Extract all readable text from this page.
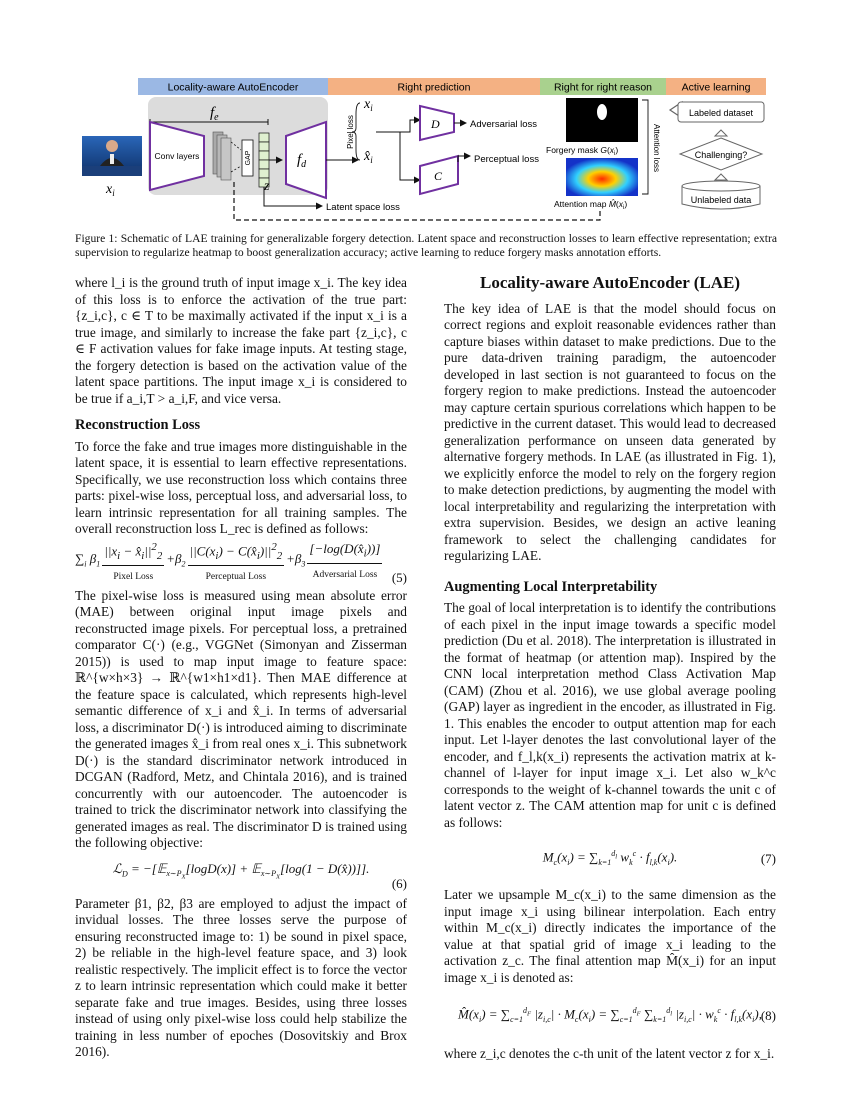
Locality-aware AutoEncoder	Right prediction	Right for right reason	Active learning
$f_e$
$x_i$
Conv layers	GAP
z
$f_d$
$x_i$
$x̂_i$
Pixel loss	D	Adversarial loss
C
Perceptual loss
Latent space loss
Forgery mask $G(x_i)$
Attention map $M̂(x_i)$
Attention loss
Labeled dataset
Challenging?
Unlabeled data
Figure 1: Schematic of LAE training for generalizable forgery detection. Latent space and reconstruction losses to learn effective representation; extra supervision to regularize heatmap to boost generalization accuracy; active learning to reduce forgery masks annotation efforts.

where l_i is the ground truth of input image x_i. The key idea of this loss is to enforce the activation of the true part: {z_i,c}, c ∈ T to be maximally activated if the input x_i is a true image, and similarly to increase the fake part {z_i,c}, c ∈ F activation values for fake image inputs. At testing stage, the forgery detection is based on the activation value of the latent space partitions. The input image x_i is considered to be true if a_i,T > a_i,F, and vice versa.

Reconstruction Loss

To force the fake and true images more distinguishable in the latent space, it is essential to learn effective representations. Specifically, we use reconstruction loss which contains three parts: pixel-wise loss, perceptual loss, and adversarial loss, to learn intrinsic representation for all training samples. The overall reconstruction loss L_rec is defined as follows:

$\sum_i$ $\beta_1$
$||x_i$ − $x̂_i||^2_2$
Pixel Loss
$+\beta_2$
$||C(x_i)$ − $C(x̂_i)||^2_2$
Perceptual Loss
$+\beta_3$
$[-\log(D(x̂_i))]$
Adversarial Loss (5)

The pixel-wise loss is measured using mean absolute error (MAE) between original input image pixels and reconstructed image pixels. For perceptual loss, a pretrained comparator C(·) (e.g., VGGNet (Simonyan and Zisserman 2015)) is used to map input image to feature space: ℝ^{w×h×3} → ℝ^{w1×h1×d1}. Then MAE difference at the feature space is calculated, which represents high-level semantic difference of x_i and x̂_i. In terms of adversarial loss, a discriminator D(·) is introduced aiming to discriminate the generated images x̂_i from real ones x_i. This subnetwork D(·) is the standard discriminator network introduced in DCGAN (Radford, Metz, and Chintala 2016), and is trained concurrently with our autoencoder. The autoencoder is trained to trick the discriminator network into classifying the generated images as real. The discriminator D is trained using the following objective:

ℒ$_D$ = −[𝔼$_{x\sim P_X}$[logD(x)] + 𝔼$_{x\sim P_X}$[log(1 − D(x̂))]].
(6)

Parameter β1, β2, β3 are employed to adjust the impact of invidual losses. The three losses serve the purpose of ensuring reconstructed image to: 1) be sound in pixel space, 2) be reliable in the high-level feature space, and 3) look realistic respectively. The implicit effect is to force the vector z to learn intrinsic representation which could make it better separate fake and true images. Besides, using three losses instead of using only pixel-wise loss could help stabilize the training in less number of epoches (Dosovitskiy and Brox 2016).

Locality-aware AutoEncoder (LAE)

The key idea of LAE is that the model should focus on correct regions and exploit reasonable evidences rather than capture biases within dataset to make predictions. Due to the pure data-driven training paradigm, the autoencoder developed in last section is not guaranteed to focus on the forgery region to make predictions. Instead the autoencoder may capture certain spurious correlations which happen to be predictive in the current dataset. This would lead to decreased generalization performance on unseen data generated by alternative forgery methods. In LAE (as illustrated in Fig. 1), we explicitly enforce the model to rely on the forgery region to make detection predictions, by augmenting the model with local interpretability and regularizing the interpretation with extra supervision. Besides, we design an active leaning framework to select the challenging candidates for regularizing LAE.

Augmenting Local Interpretability

The goal of local interpretation is to identify the contributions of each pixel in the input image towards a specific model prediction (Du et al. 2018). The interpretation is illustrated in the format of heatmap (or attention map). Inspired by the CNN local interpretation method Class Activation Map (CAM) (Zhou et al. 2016), we use global average pooling (GAP) layer as ingredient in the encoder, as illustrated in Fig. 1. This enables the encoder to output attention map for each input. Let l-layer denotes the last convolutional layer of the encoder, and f_l,k(x_i) represents the activation matrix at k-channel of l-layer for input image x_i. Let also w_k^c corresponds to the weight of k-channel towards the unit c of latent vector z. The CAM attention map for unit c is defined as follows:

$M_c(x_i) = \sum_{k=1}^{d_l}$ $w_k^c \cdot f_{l,k}(x_i)$.	(7)

Later we upsample M_c(x_i) to the same dimension as the input image x_i using bilinear interpolation. Each entry within M_c(x_i) directly indicates the importance of the value at that spatial grid of image x_i leading to the activation z_c. The final attention map M̂(x_i) for an input image x_i is denoted as:

$M̂(x_i) = \sum_{c=1}^{d_F}$ $|z_{i,c}| \cdot M_c(x_i) = \sum_{c=1}^{d_F}$ $\sum_{k=1}^{d_l}$ $|z_{i,c}| \cdot w_k^c \cdot f_{l,k}(x_i)$,
(8)

where z_i,c denotes the c-th unit of the latent vector z for x_i.
